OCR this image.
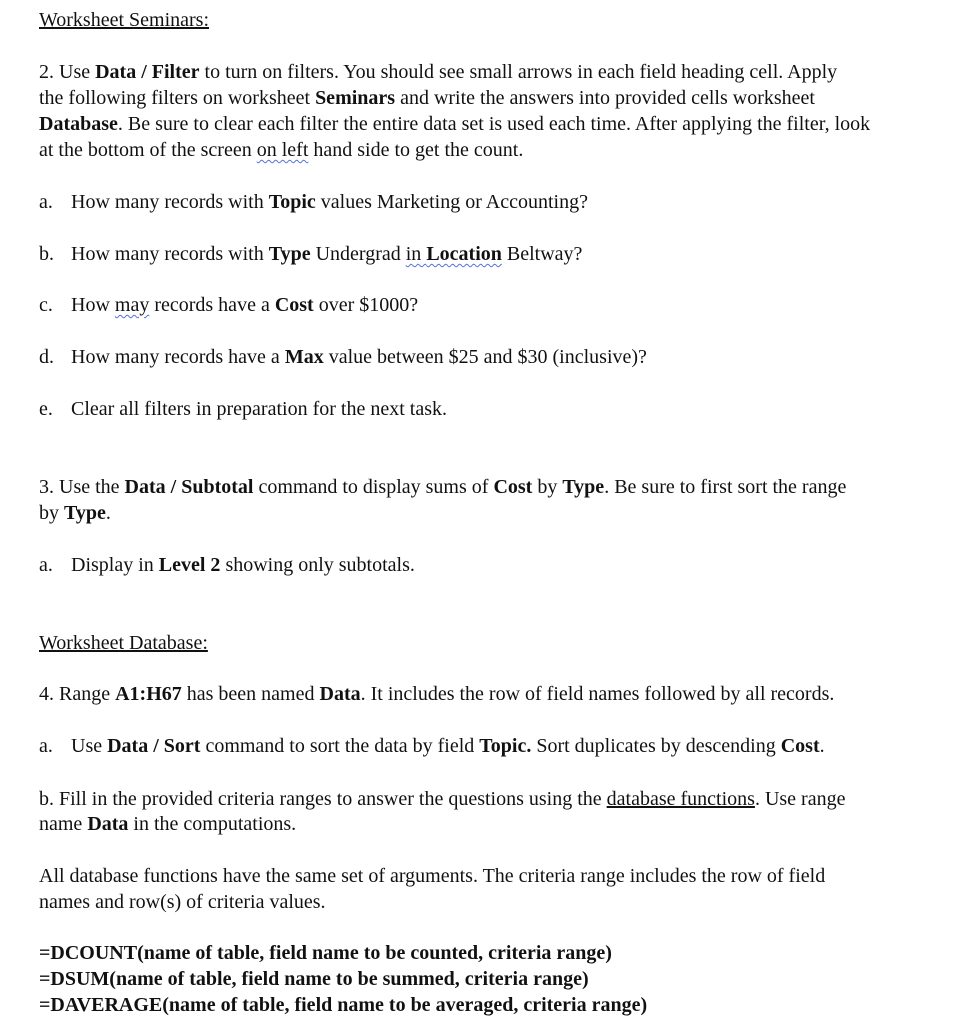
Worksheet Seminars:
2. Use Data / Filter to turn on filters. You should see small arrows in each field heading cell. Apply
the following filters on worksheet Seminars and write the answers into provided cells worksheet
Database. Be sure to clear each filter the entire data set is used each time. After applying the filter, look
at the bottom of the screen on left hand side to get the count.
a. How many records with Topic values Marketing or Accounting?
b. How many records with Type Undergrad in Location Beltway?
c. How may records have a Cost over $1000?
d. How many records have a Max value between $25 and $30 (inclusive)?
e. Clear all filters in preparation for the next task.
3. Use the Data / Subtotal command to display sums of Cost by Type. Be sure to first sort the range
by Type.
a. Display in Level 2 showing only subtotals.
Worksheet Database:
4. Range A1:H67 has been named Data. It includes the row of field names followed by all records.
a. Use Data / Sort command to sort the data by field Topic. Sort duplicates by descending Cost.
b. Fill in the provided criteria ranges to answer the questions using the database functions. Use range
name Data in the computations.
All database functions have the same set of arguments. The criteria range includes the row of field
names and row(s) of criteria values.
=DCOUNT(name of table, field name to be counted, criteria range)
=DSUM(name of table, field name to be summed, criteria range)
=DAVERAGE(name of table, field name to be averaged, criteria range)
